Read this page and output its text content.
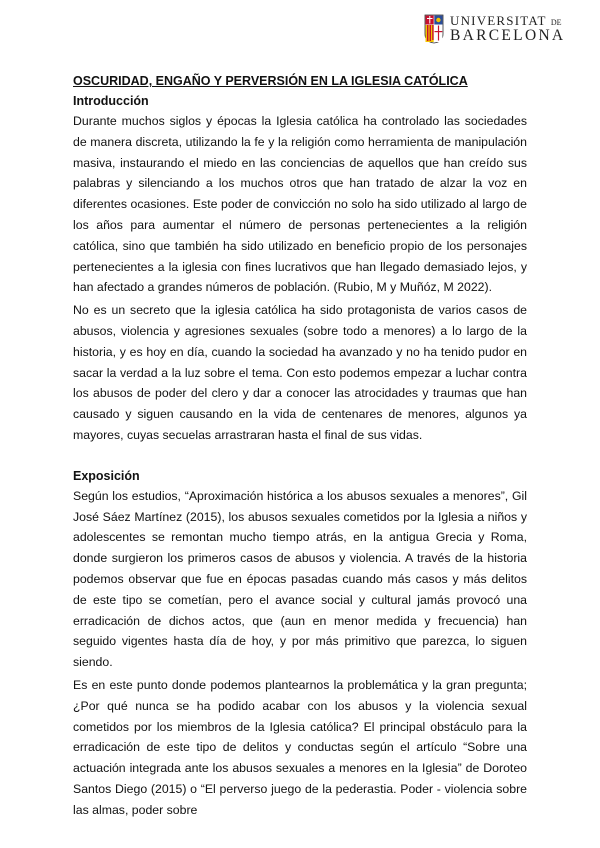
UNIVERSITAT DE
BARCELONA
OSCURIDAD, ENGAÑO Y PERVERSIÓN EN LA IGLESIA CATÓLICA
Introducción

Durante muchos siglos y épocas la Iglesia católica ha controlado las sociedades de manera discreta, utilizando la fe y la religión como herramienta de manipulación masiva, instaurando el miedo en las conciencias de aquellos que han creído sus palabras y silenciando a los muchos otros que han tratado de alzar la voz en diferentes ocasiones. Este poder de convicción no solo ha sido utilizado al largo de los años para aumentar el número de personas pertenecientes a la religión católica, sino que también ha sido utilizado en beneficio propio de los personajes pertenecientes a la iglesia con fines lucrativos que han llegado demasiado lejos, y han afectado a grandes números de población. (Rubio, M y Muñóz, M 2022).

No es un secreto que la iglesia católica ha sido protagonista de varios casos de abusos, violencia y agresiones sexuales (sobre todo a menores) a lo largo de la historia, y es hoy en día, cuando la sociedad ha avanzado y no ha tenido pudor en sacar la verdad a la luz sobre el tema. Con esto podemos empezar a luchar contra los abusos de poder del clero y dar a conocer las atrocidades y traumas que han causado y siguen causando en la vida de centenares de menores, algunos ya mayores, cuyas secuelas arrastraran hasta el final de sus vidas.

Exposición

Según los estudios, “Aproximación histórica a los abusos sexuales a menores”, Gil José Sáez Martínez (2015), los abusos sexuales cometidos por la Iglesia a niños y adolescentes se remontan mucho tiempo atrás, en la antigua Grecia y Roma, donde surgieron los primeros casos de abusos y violencia. A través de la historia podemos observar que fue en épocas pasadas cuando más casos y más delitos de este tipo se cometían, pero el avance social y cultural jamás provocó una erradicación de dichos actos, que (aun en menor medida y frecuencia) han seguido vigentes hasta día de hoy, y por más primitivo que parezca, lo siguen siendo.

Es en este punto donde podemos plantearnos la problemática y la gran pregunta; ¿Por qué nunca se ha podido acabar con los abusos y la violencia sexual cometidos por los miembros de la Iglesia católica? El principal obstáculo para la erradicación de este tipo de delitos y conductas según el artículo “Sobre una actuación integrada ante los abusos sexuales a menores en la Iglesia” de Doroteo Santos Diego (2015) o “El perverso juego de la pederastia. Poder - violencia sobre las almas, poder sobre
